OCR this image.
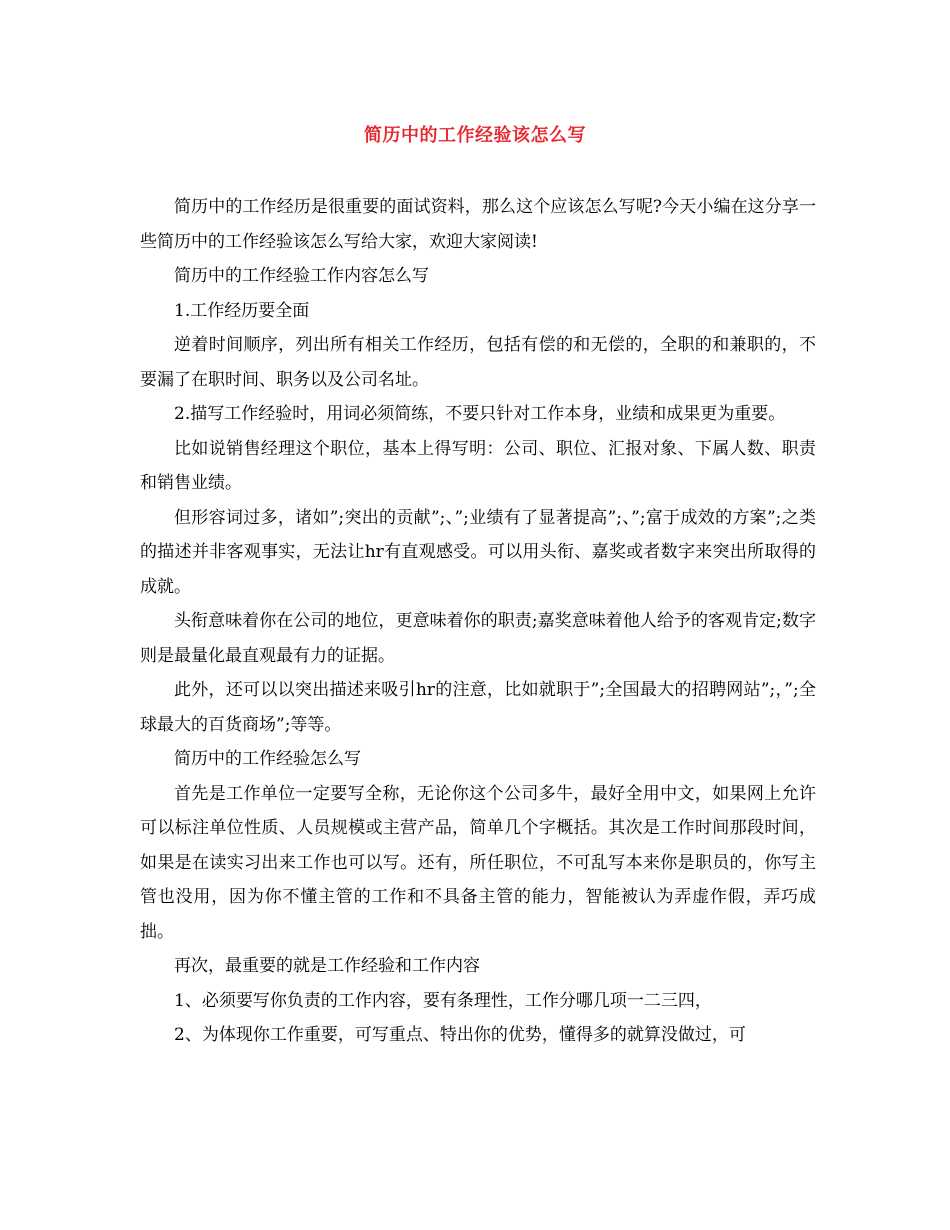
简历中的工作经验该怎么写

简历中的工作经历是很重要的面试资料，那么这个应该怎么写呢?今天小编在这分享一些简历中的工作经验该怎么写给大家，欢迎大家阅读!

简历中的工作经验工作内容怎么写

1.工作经历要全面

逆着时间顺序，列出所有相关工作经历，包括有偿的和无偿的，全职的和兼职的，不要漏了在职时间、职务以及公司名址。

2.描写工作经验时，用词必须简练，不要只针对工作本身，业绩和成果更为重要。

比如说销售经理这个职位，基本上得写明：公司、职位、汇报对象、下属人数、职责和销售业绩。

但形容词过多，诸如”;突出的贡献”;、”;业绩有了显著提高”;、”;富于成效的方案”;之类的描述并非客观事实，无法让hr有直观感受。可以用头衔、嘉奖或者数字来突出所取得的成就。

头衔意味着你在公司的地位，更意味着你的职责;嘉奖意味着他人给予的客观肯定;数字则是最量化最直观最有力的证据。

此外，还可以以突出描述来吸引hr的注意，比如就职于”;全国最大的招聘网站”;，”;全球最大的百货商场”;等等。

简历中的工作经验怎么写

首先是工作单位一定要写全称，无论你这个公司多牛，最好全用中文，如果网上允许可以标注单位性质、人员规模或主营产品，简单几个字概括。其次是工作时间那段时间，如果是在读实习出来工作也可以写。还有，所任职位，不可乱写本来你是职员的，你写主管也没用，因为你不懂主管的工作和不具备主管的能力，智能被认为弄虚作假，弄巧成拙。

再次，最重要的就是工作经验和工作内容

1、必须要写你负责的工作内容，要有条理性，工作分哪几项一二三四，

2、为体现你工作重要，可写重点、特出你的优势，懂得多的就算没做过，可
